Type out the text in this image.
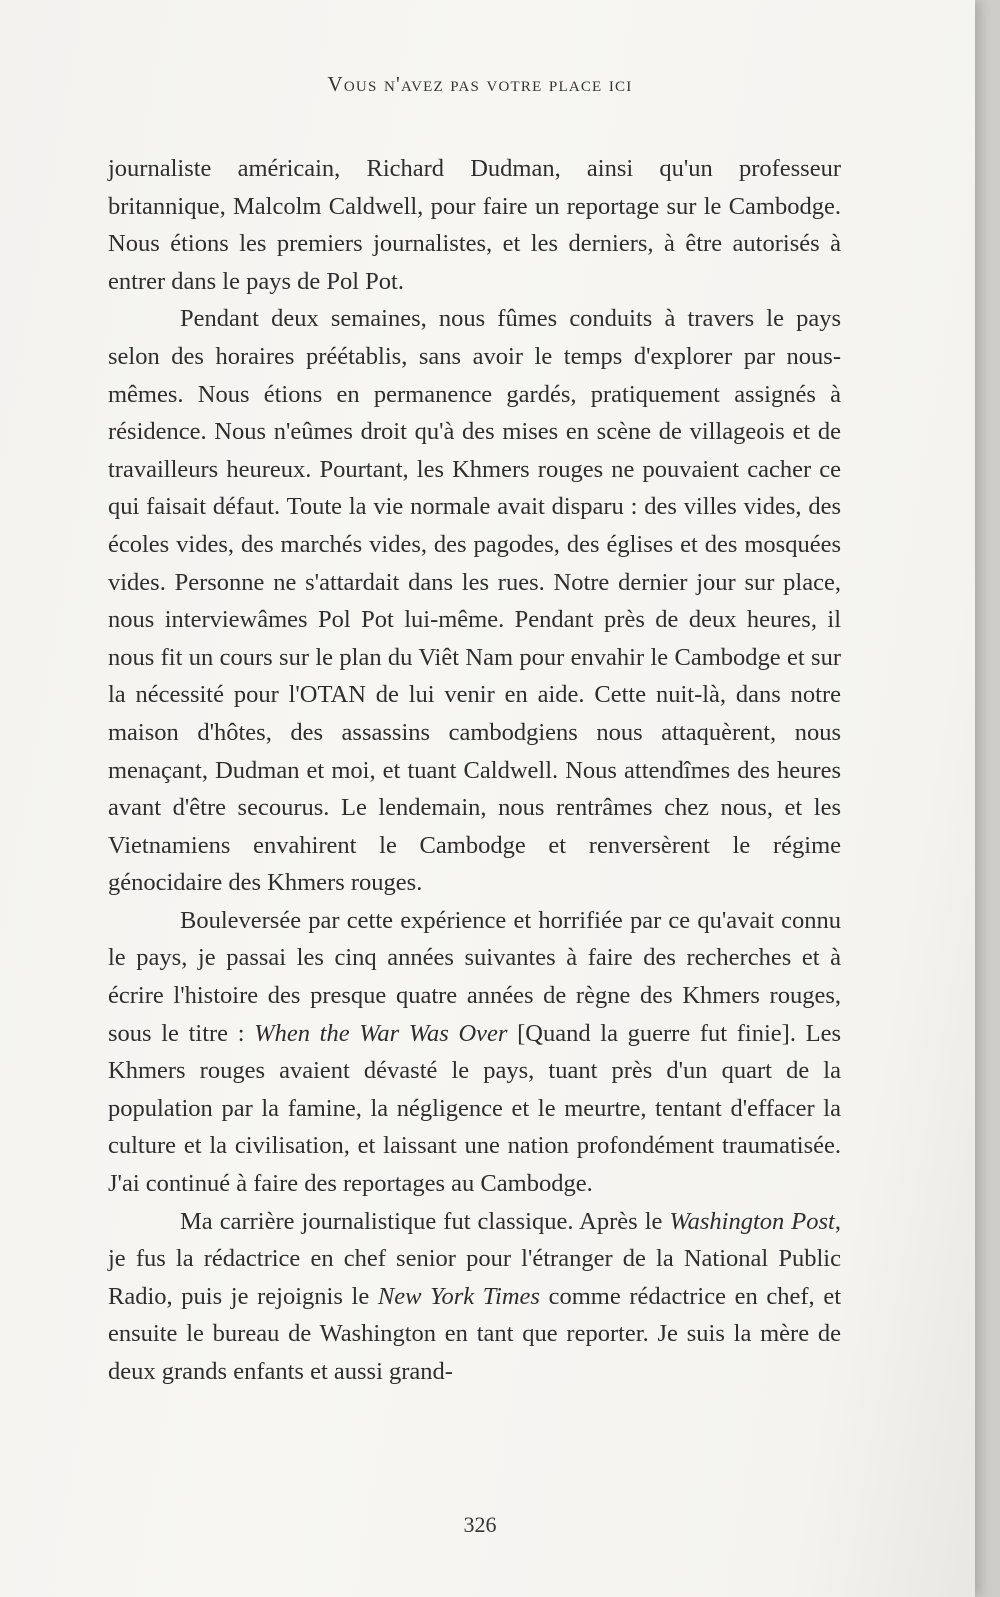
Vous n'avez pas votre place ici

journaliste américain, Richard Dudman, ainsi qu'un professeur britannique, Malcolm Caldwell, pour faire un reportage sur le Cambodge. Nous étions les premiers journalistes, et les derniers, à être autorisés à entrer dans le pays de Pol Pot.

Pendant deux semaines, nous fûmes conduits à travers le pays selon des horaires préétablis, sans avoir le temps d'explorer par nous-mêmes. Nous étions en permanence gardés, pratiquement assignés à résidence. Nous n'eûmes droit qu'à des mises en scène de villageois et de travailleurs heureux. Pourtant, les Khmers rouges ne pouvaient cacher ce qui faisait défaut. Toute la vie normale avait disparu : des villes vides, des écoles vides, des marchés vides, des pagodes, des églises et des mosquées vides. Personne ne s'attardait dans les rues. Notre dernier jour sur place, nous interviewâmes Pol Pot lui-même. Pendant près de deux heures, il nous fit un cours sur le plan du Viêt Nam pour envahir le Cambodge et sur la nécessité pour l'OTAN de lui venir en aide. Cette nuit-là, dans notre maison d'hôtes, des assassins cambodgiens nous attaquèrent, nous menaçant, Dudman et moi, et tuant Caldwell. Nous attendîmes des heures avant d'être secourus. Le lendemain, nous rentrâmes chez nous, et les Vietnamiens envahirent le Cambodge et renversèrent le régime génocidaire des Khmers rouges.

Bouleversée par cette expérience et horrifiée par ce qu'avait connu le pays, je passai les cinq années suivantes à faire des recherches et à écrire l'histoire des presque quatre années de règne des Khmers rouges, sous le titre : When the War Was Over [Quand la guerre fut finie]. Les Khmers rouges avaient dévasté le pays, tuant près d'un quart de la population par la famine, la négligence et le meurtre, tentant d'effacer la culture et la civilisation, et laissant une nation profondément traumatisée. J'ai continué à faire des reportages au Cambodge.

Ma carrière journalistique fut classique. Après le Washington Post, je fus la rédactrice en chef senior pour l'étranger de la National Public Radio, puis je rejoignis le New York Times comme rédactrice en chef, et ensuite le bureau de Washington en tant que reporter. Je suis la mère de deux grands enfants et aussi grand-

326
